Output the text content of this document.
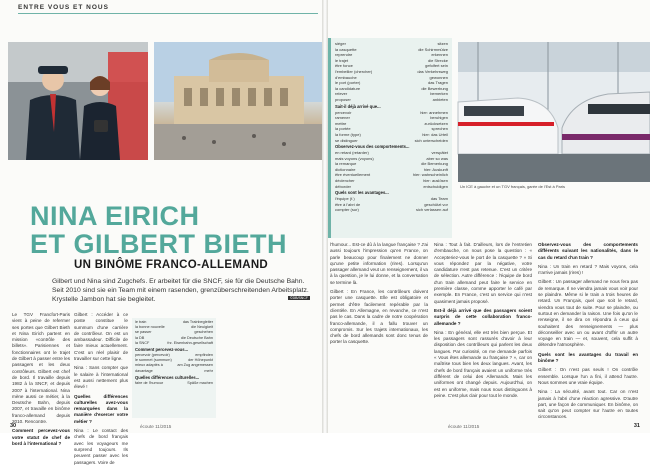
ENTRE VOUS ET NOUS
NINA EIRICH
ET GILBERT BIETH
UN BINÔME FRANCO-ALLEMAND
Gilbert und Nina sind Zugchefs. Er arbeitet für die SNCF, sie für die Deutsche Bahn. Seit 2010 sind sie ein Team mit einem rasenden, grenzüberschreitenden Arbeitsplatz. Krystelle Jambon hat sie begleitet.	©DB/SNCF

Le TGV Francfort-Paris vient à peine de refermer ses portes que Gilbert Bieth et Nina Eirich partent en mission «contrôle des billets». Parisiennes et fonctionnaires ont le trajet de Gilbert à passer entre les passagers et les deux contrôleurs. Gilbert est chef de bord. Il travaille depuis 1982 à la SNCF, et depuis 2007 à l'international. Nina mène aussi ce métier, à la Deutsche Bahn, depuis 2007, et travaille en binôme franco-allemand depuis 2010. Rencontre.

Comment percevez-vous votre statut de chef de bord à l'international ?

Gilbert : Accéder à ce poste constitue le summum d'une carrière de contrôleur. On est un ambassadeur. Difficile de faire mieux actuellement. C'est un réel plaisir de travailler sur cette ligne.

Nina : Sans compter que le salaire à l'international est aussi nettement plus élevé !

Quelles différences culturelles avez-vous remarquées dans la manière d'exercer votre métier ?

Nina : Le contact des chefs de bord français avec les voyageurs me surprend toujours. Ils peuvent passer avec les passagers. Voire de

le train	das Trainbegleiter
la bonne nouvelle	die Neuigkeit
se passer	geschehen
la DB	die Deutsche Bahn
la SNCF	frz. Eisenbahn-gesellschaft
Comment percevez-vous...
percevoir (percevoir)	empfinden
le sommet (summum)	der Höhepunkt
mieux adaptés à	am Zug angemessen
davantage	mehr
Quelles différences culturelles...
faire de l'humour	Späße machen
30	écoute 11/2015
siéger	sitzen
la casquette	die Schirmmütze
reprendre	erkennen
le trajet	die Strecke
être fonce	gefolfert sein
l'embellier (chercher)	das Verkehrsweg
d'embauche	gewonnen
le port (porter)	das Tragen
la candidature	die Bewerbung
relever	bemerken
proposer	anbieten
Sait-il déjà arrivé que...
percevoir	hier: annehmen
ramener	beruhigen
mettre	zurücksetzen
la portée	sprechen
la forme (type)	hier: das Urteil
se distinguer	sich unterscheiden
Observez-vous des comportements...
en retard (retarder)	verspätet
mais voyons (voyons)	aber so was
la remarque	die Bemerkung
dictionnaire	hier: Auskunft
être éventuellement	hier: wahrscheinlich
déclencher	hier: auslösen
déborder	entschuldigen
Quels sont les avantages...
l'équipe (f.)	das Team
être à l'abri de	geschützt vor
compter (sur)	sich verlassen auf
Un ICE à gauche et un TGV français, garée de l'Est à Paris

l'humour... Est-ce dû à la langue française ? J'ai aussi toujours l'impression qu'en France, on parle beaucoup pour finalement ne donner qu'une petite information (rires). Lorsqu'un passager allemand veut un renseignement, il va à la question, je le lui donne, et la conversation se termine là.

Gilbert : En France, les contrôleurs doivent porter une casquette. Elle est obligatoire et permet d'être facilement repérable par la clientèle. En Allemagne, en revanche, ce n'est pas le cas. Dans la cadre de notre coopération franco-allemande, il a fallu trouver un compromis. Sur les trajets internationaux, les chefs de bord allemands sont donc tenus de porter la casquette.

Nina : Tout à fait. D'ailleurs, lors de l'entretien d'embauche, on nous pose la question : « Accepteriez-vous le port de la casquette ? » Si vous répondez par la négative, votre candidature n'est pas retenue. C'est un critère de sélection. Autre différence : l'équipe de bord d'un train allemand peut faire le service en première classe, comme apporter le café par exemple. En France, c'est un service qui n'est quasiment jamais proposé.

Est-il déjà arrivé que des passagers soient surpris de cette collaboration franco-allemande ?

Nina : En général, elle est très bien perçue. Et les passagers sont rassurés d'avoir à leur disposition des contrôleurs qui parlent les deux langues. Par curiosité, on me demande parfois « Vous êtes allemande ou française ? », car on maîtrise tous bien les deux langues. Avant, les chefs de bord français avaient un uniforme très différent de celui des Allemands. Mais les uniformes ont changé depuis. Aujourd'hui, on est en uniforme, mais nous nous distinguons à peine. C'est plus clair pour tout le monde.

Observez-vous des comportements différents suivant les nationalités, dans le cas du retard d'un train ?

Nina : Un train en retard ? Mais voyons, cela n'arrive jamais (rires) !

Gilbert : Un passager allemand ne nous fera pas de remarque. Il ne viendra jamais vous voir pour se plaindre. Même si le train a trois heures de retard. Un Français, quel que soit le retard, viendra vous tout de suite. Pour se plaindre, ou surtout en demander la raison. Une fois qu'on le renseigne, il se dira on répondra à ceux qui souhaitent des renseignements — plus déconseiller avec un ou avant d'offrir un autre voyage en train — et, souvent, cela suffit à détendre l'atmosphère.

Quels sont les avantages du travail en binôme ?

Gilbert : On n'est pas seuls ! On contrôle ensemble. Lorsque l'un a fini, il attend l'autre. Nous sommes une vraie équipe.

Nina : La sécurité, avant tout. Car on n'est jamais à l'abri d'une réaction agressive. D'autre part, une façon de communiquer. En binôme, on sait qu'on peut compter sur l'autre en toutes circonstances.

écoute 11/2015	31
